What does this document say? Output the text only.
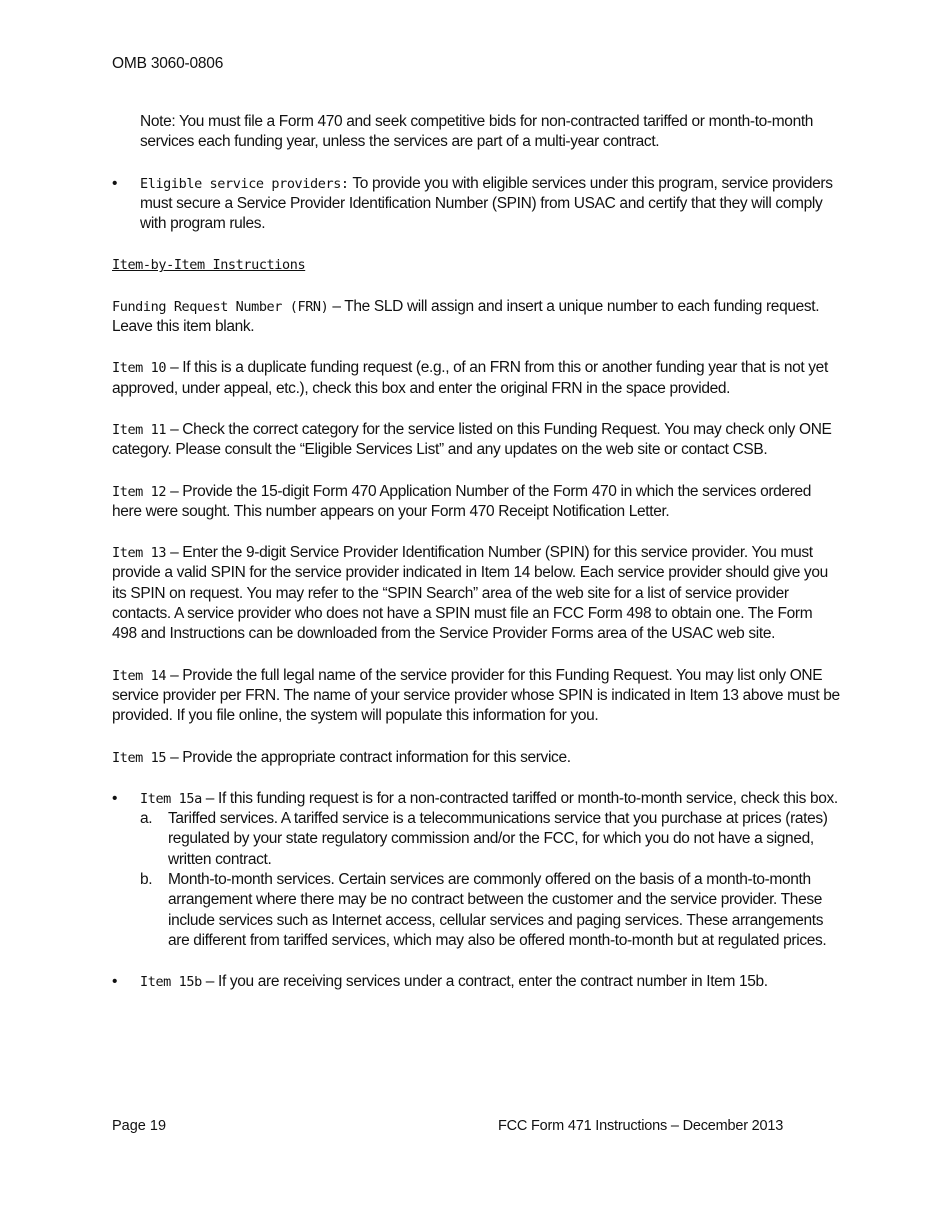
OMB 3060-0806

Note: You must file a Form 470 and seek competitive bids for non-contracted tariffed or month-to-month services each funding year, unless the services are part of a multi-year contract.

•	Eligible service providers: To provide you with eligible services under this program, service providers must secure a Service Provider Identification Number (SPIN) from USAC and certify that they will comply with program rules.

Item-by-Item Instructions

Funding Request Number (FRN) – The SLD will assign and insert a unique number to each funding request. Leave this item blank.

Item 10 – If this is a duplicate funding request (e.g., of an FRN from this or another funding year that is not yet approved, under appeal, etc.), check this box and enter the original FRN in the space provided.

Item 11 – Check the correct category for the service listed on this Funding Request. You may check only ONE category. Please consult the “Eligible Services List” and any updates on the web site or contact CSB.

Item 12 – Provide the 15-digit Form 470 Application Number of the Form 470 in which the services ordered here were sought. This number appears on your Form 470 Receipt Notification Letter.

Item 13 – Enter the 9-digit Service Provider Identification Number (SPIN) for this service provider. You must provide a valid SPIN for the service provider indicated in Item 14 below. Each service provider should give you its SPIN on request. You may refer to the “SPIN Search” area of the web site for a list of service provider contacts. A service provider who does not have a SPIN must file an FCC Form 498 to obtain one. The Form 498 and Instructions can be downloaded from the Service Provider Forms area of the USAC web site.

Item 14 – Provide the full legal name of the service provider for this Funding Request. You may list only ONE service provider per FRN. The name of your service provider whose SPIN is indicated in Item 13 above must be provided. If you file online, the system will populate this information for you.

Item 15 – Provide the appropriate contract information for this service.

•	Item 15a – If this funding request is for a non-contracted tariffed or month-to-month service, check this box.
a. Tariffed services. A tariffed service is a telecommunications service that you purchase at prices (rates) regulated by your state regulatory commission and/or the FCC, for which you do not have a signed, written contract.
b. Month-to-month services. Certain services are commonly offered on the basis of a month-to-month arrangement where there may be no contract between the customer and the service provider. These include services such as Internet access, cellular services and paging services. These arrangements are different from tariffed services, which may also be offered month-to-month but at regulated prices.
•	Item 15b – If you are receiving services under a contract, enter the contract number in Item 15b.
Page 19	FCC Form 471 Instructions – December 2013
